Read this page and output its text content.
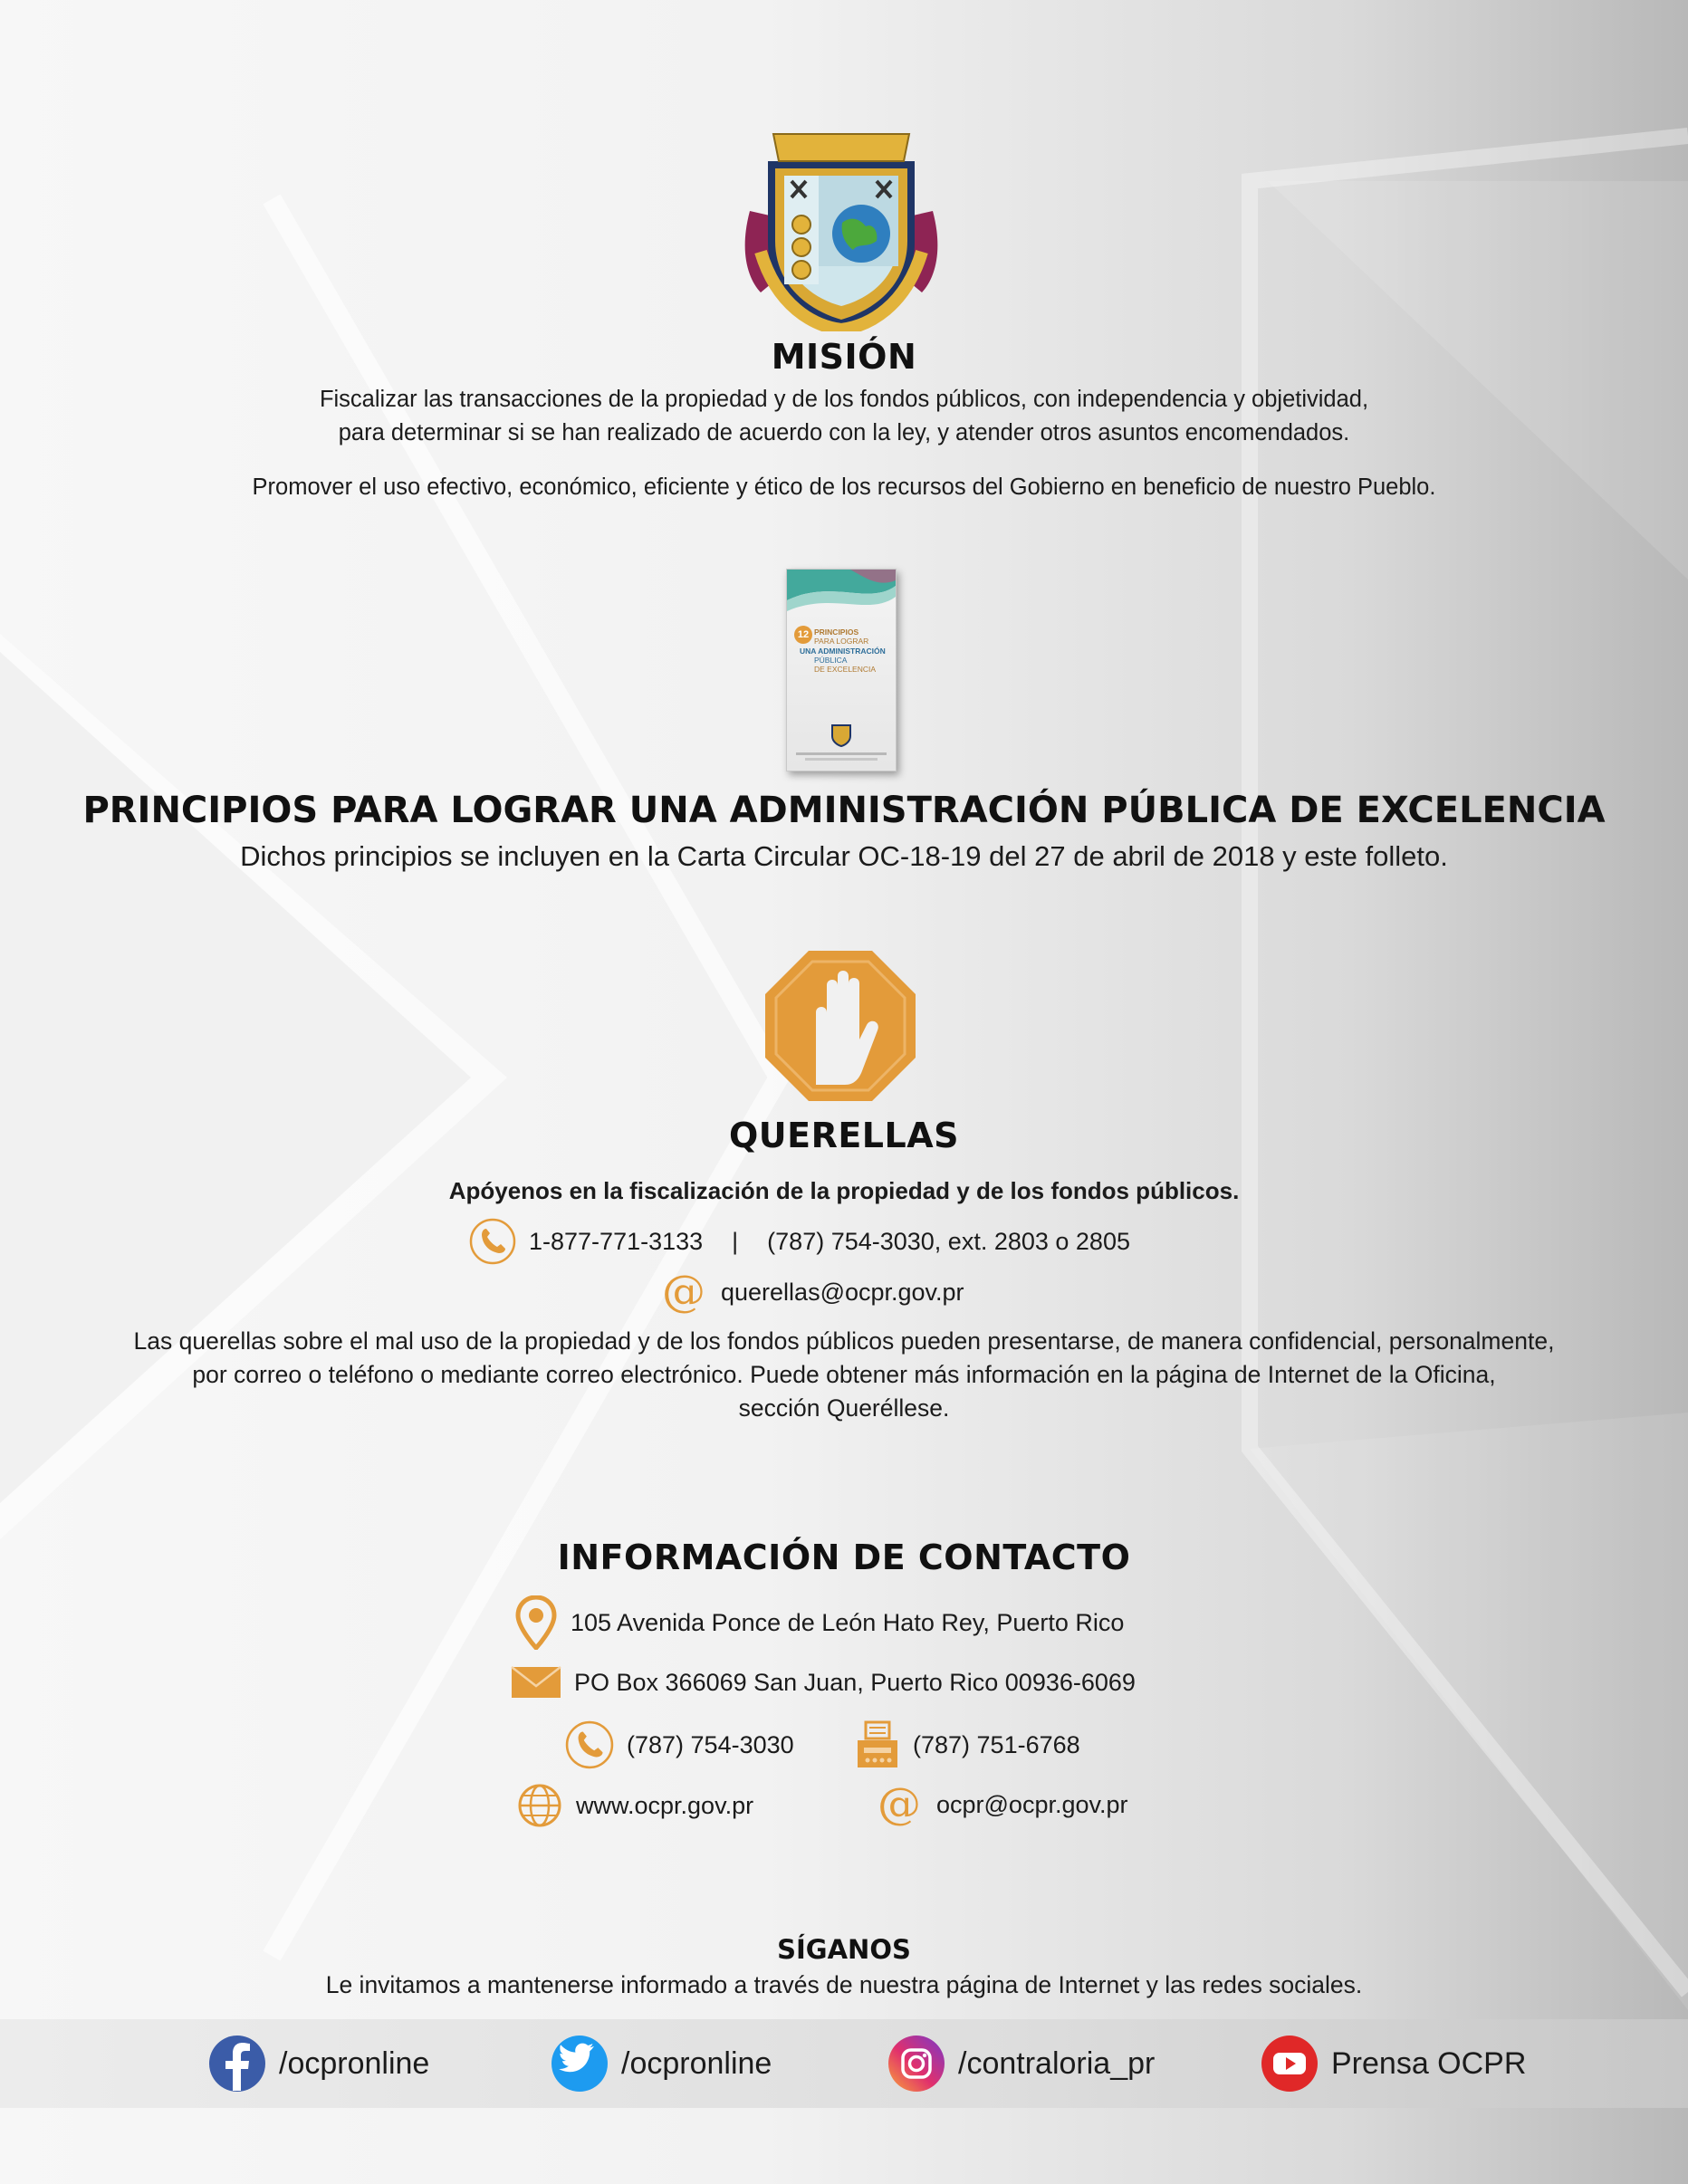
MISIÓN
Fiscalizar las transacciones de la propiedad y de los fondos públicos, con independencia y objetividad,
para determinar si se han realizado de acuerdo con la ley, y atender otros asuntos encomendados.
Promover el uso efectivo, económico, eficiente y ético de los recursos del Gobierno en beneficio de nuestro Pueblo.
12 PRINCIPIOS
PARA LOGRAR
UNA ADMINISTRACIÓN
PÚBLICA
DE EXCELENCIA
PRINCIPIOS PARA LOGRAR UNA ADMINISTRACIÓN PÚBLICA DE EXCELENCIA
Dichos principios se incluyen en la Carta Circular OC-18-19 del 27 de abril de 2018 y este folleto.
QUERELLAS
Apóyenos en la fiscalización de la propiedad y de los fondos públicos.
1-877-771-3133 | (787) 754-3030, ext. 2803 o 2805
@ querellas@ocpr.gov.pr
Las querellas sobre el mal uso de la propiedad y de los fondos públicos pueden presentarse, de manera confidencial, personalmente,
por correo o teléfono o mediante correo electrónico. Puede obtener más información en la página de Internet de la Oficina,
sección Queréllese.
INFORMACIÓN DE CONTACTO
105 Avenida Ponce de León Hato Rey, Puerto Rico
PO Box 366069 San Juan, Puerto Rico 00936-6069
(787) 754-3030	(787) 751-6768
www.ocpr.gov.pr	@ ocpr@ocpr.gov.pr
SÍGANOS
Le invitamos a mantenerse informado a través de nuestra página de Internet y las redes sociales.
/ocpronline	/ocpronline	/contraloria_pr	Prensa OCPR
